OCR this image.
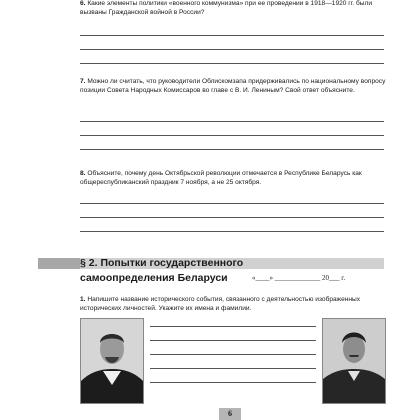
6. Какие элементы политики «военного коммунизма» при ее проведении в 1918—1920 гг. были вызваны Гражданской войной в России?
7. Можно ли считать, что руководители Облискомзапа придерживались по национальному вопросу позиции Совета Народных Комиссаров во главе с В. И. Лениным? Свой ответ объясните.
8. Объясните, почему день Октябрьской революции отмечается в Республике Беларусь как общереспубликанский праздник 7 ноября, а не 25 октября.
§ 2. Попытки государственного
самоопределения Беларуси	«____» _____________ 20___ г.
1. Напишите название исторического события, связанного с деятельностью изображенных исторических личностей. Укажите их имена и фамилии.
6
